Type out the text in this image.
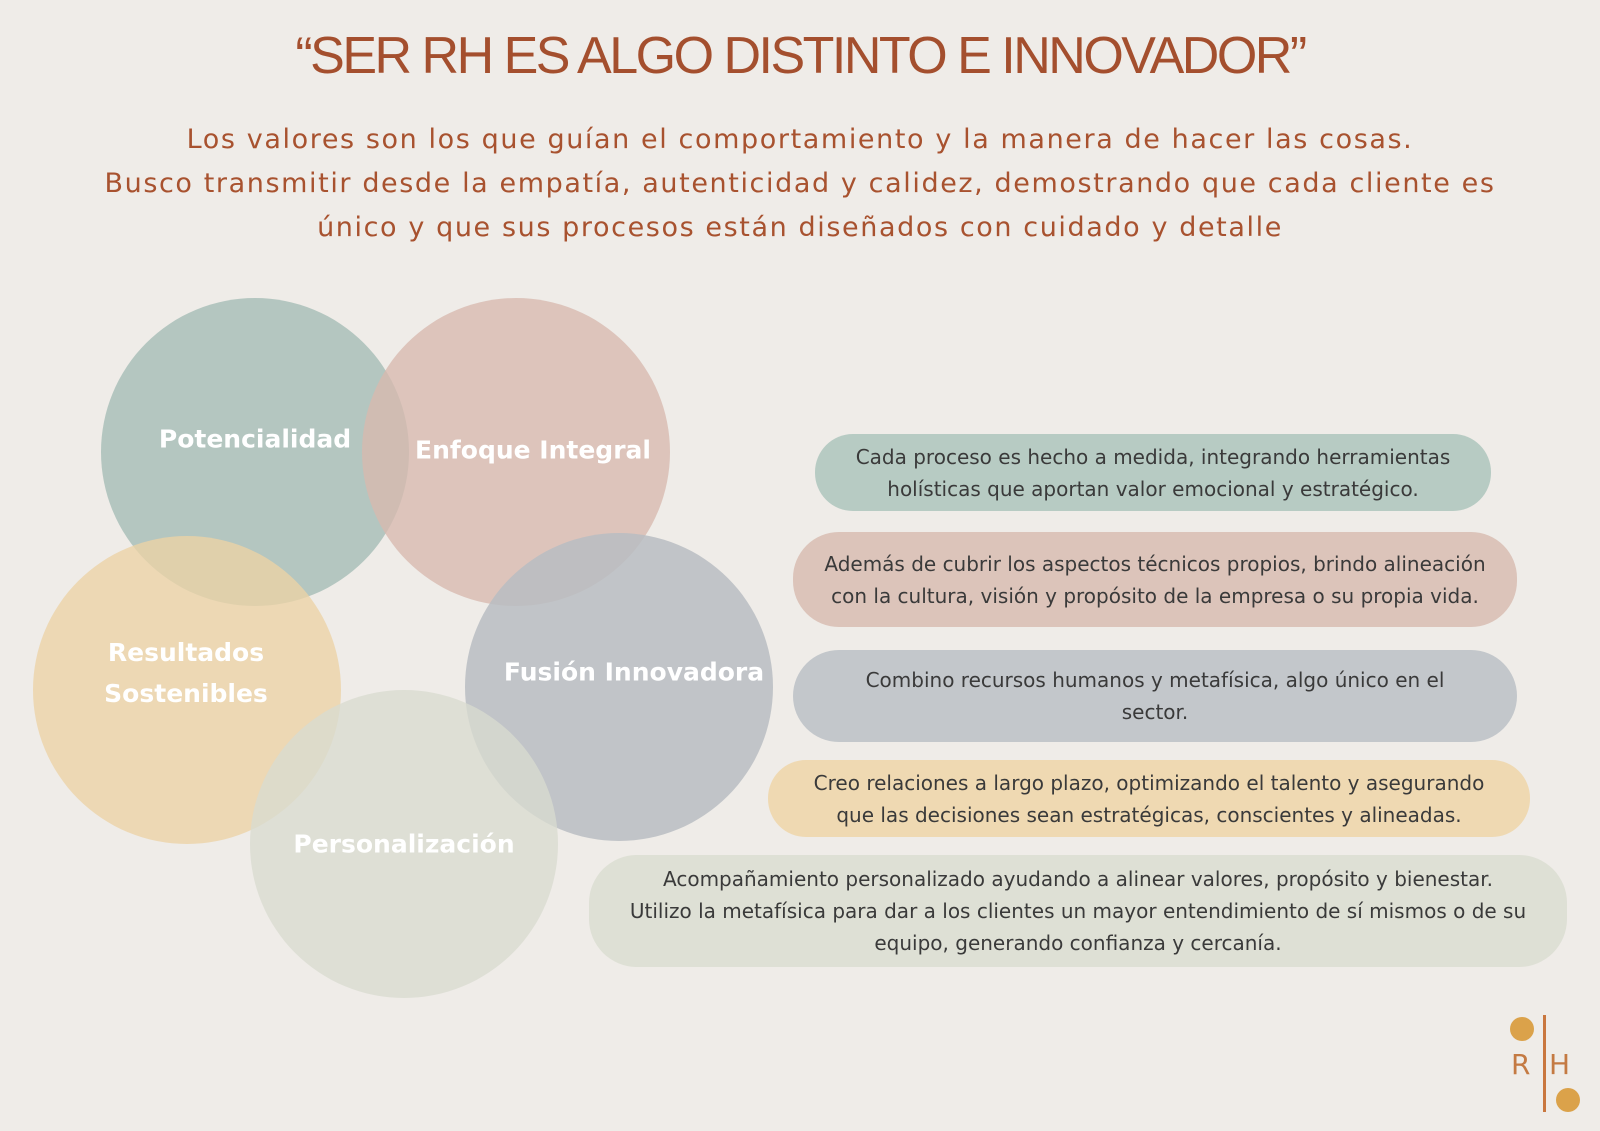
“SER RH ES ALGO DISTINTO E INNOVADOR”
Los valores son los que guían el comportamiento y la manera de hacer las cosas.
Busco transmitir desde la empatía, autenticidad y calidez, demostrando que cada cliente es
único y que sus procesos están diseñados con cuidado y detalle
Potencialidad	Enfoque Integral
Resultados
Sostenibles
Fusión Innovadora
Personalización
Cada proceso es hecho a medida, integrando herramientas
holísticas que aportan valor emocional y estratégico.
Además de cubrir los aspectos técnicos propios, brindo alineación
con la cultura, visión y propósito de la empresa o su propia vida.
Combino recursos humanos y metafísica, algo único en el
sector.
Creo relaciones a largo plazo, optimizando el talento y asegurando
que las decisiones sean estratégicas, conscientes y alineadas.
Acompañamiento personalizado ayudando a alinear valores, propósito y bienestar.
Utilizo la metafísica para dar a los clientes un mayor entendimiento de sí mismos o de su
equipo, generando confianza y cercanía.
R H
